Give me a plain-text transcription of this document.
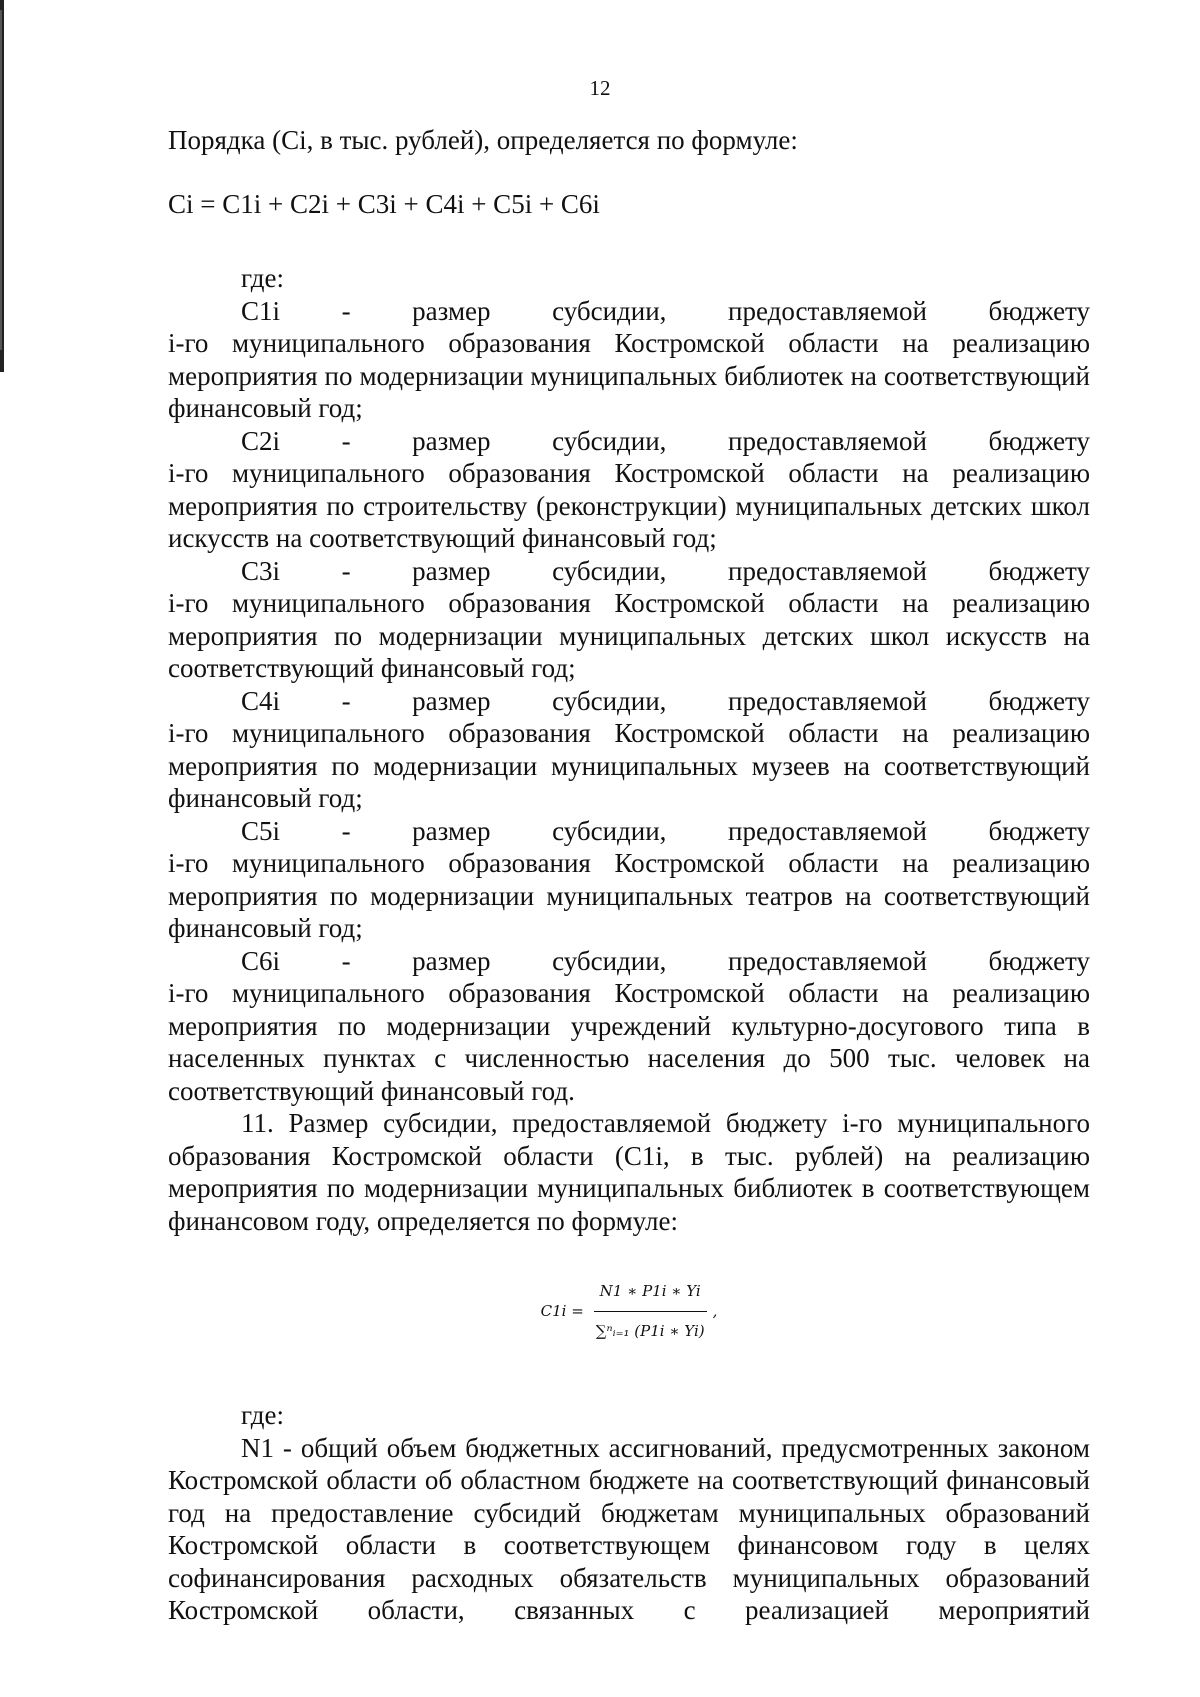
12

Порядка (Ci, в тыс. рублей), определяется по формуле:

Ci = C1i + C2i + C3i + C4i + C5i + C6i

где:

C1i - размер субсидии, предоставляемой бюджету

i-го муниципального образования Костромской области на реализацию мероприятия по модернизации муниципальных библиотек на соответствующий финансовый год;

C2i - размер субсидии, предоставляемой бюджету

i-го муниципального образования Костромской области на реализацию мероприятия по строительству (реконструкции) муниципальных детских школ искусств на соответствующий финансовый год;

C3i - размер субсидии, предоставляемой бюджету

i-го муниципального образования Костромской области на реализацию мероприятия по модернизации муниципальных детских школ искусств на соответствующий финансовый год;

C4i - размер субсидии, предоставляемой бюджету

i-го муниципального образования Костромской области на реализацию мероприятия по модернизации муниципальных музеев на соответствующий финансовый год;

C5i - размер субсидии, предоставляемой бюджету

i-го муниципального образования Костромской области на реализацию мероприятия по модернизации муниципальных театров на соответствующий финансовый год;

C6i - размер субсидии, предоставляемой бюджету

i-го муниципального образования Костромской области на реализацию мероприятия по модернизации учреждений культурно-досугового типа в населенных пунктах с численностью населения до 500 тыс. человек на соответствующий финансовый год.

11. Размер субсидии, предоставляемой бюджету i-го муниципального образования Костромской области (C1i, в тыс. рублей) на реализацию мероприятия по модернизации муниципальных библиотек в соответствующем финансовом году, определяется по формуле:

$C1i = \frac{N1 ∗ P1i ∗ Yi}{\text{∑ⁿᵢ₌₁ (P1i ∗ Yi)}}$ ,

где:

N1 - общий объем бюджетных ассигнований, предусмотренных законом Костромской области об областном бюджете на соответствующий финансовый год на предоставление субсидий бюджетам муниципальных образований Костромской области в соответствующем финансовом году в целях софинансирования расходных обязательств муниципальных образований Костромской области, связанных с реализацией мероприятий
